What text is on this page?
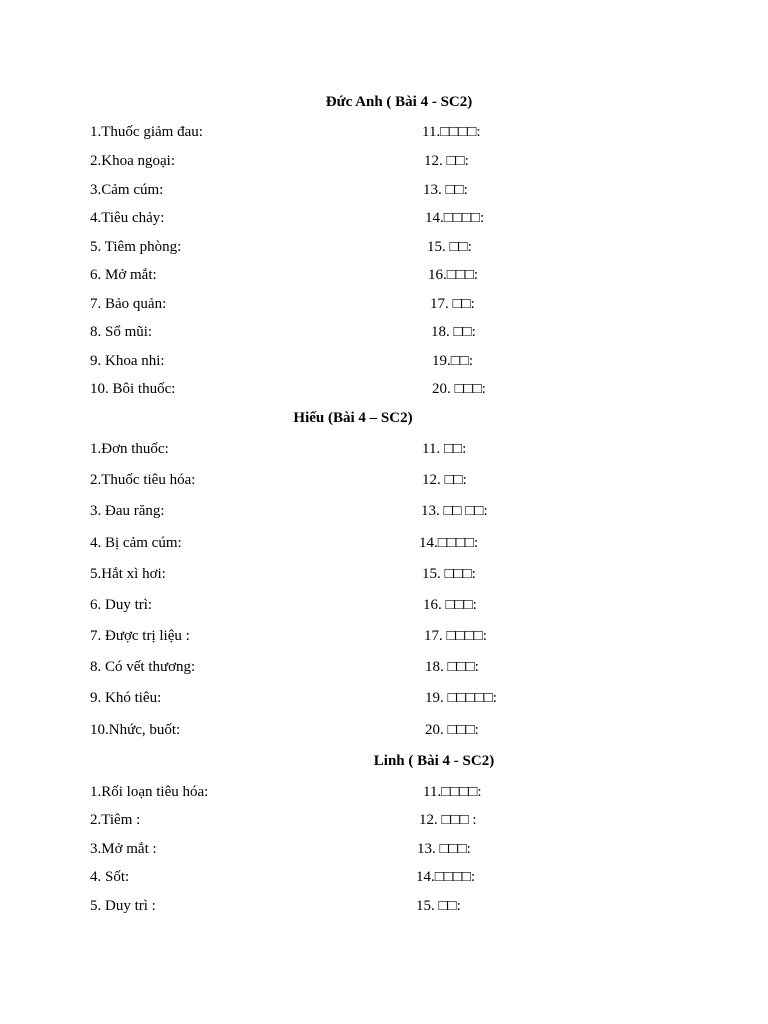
Đức Anh ( Bài 4 - SC2)
1.Thuốc giảm đau:
2.Khoa ngoại:
3.Cảm cúm:
4.Tiêu chảy:
5. Tiêm phòng:
6. Mở mắt:
7. Bảo quản:
8. Sổ mũi:
9. Khoa nhi:
10. Bôi thuốc:
11.□□□□:
12. □□:
13. □□:
14.□□□□:
15. □□:
16.□□□:
17. □□:
18. □□:
19.□□:
20. □□□:
Hiếu (Bài 4 – SC2)
1.Đơn thuốc:
2.Thuốc tiêu hóa:
3. Đau răng:
4. Bị cảm cúm:
5.Hắt xì hơi:
6. Duy trì:
7. Được trị liệu :
8. Có vết thương:
9. Khó tiêu:
10.Nhức, buốt:
11. □□:
12. □□:
13. □□ □□:
14.□□□□:
15. □□□:
16. □□□:
17. □□□□:
18. □□□:
19. □□□□□:
20. □□□:
Linh ( Bài 4 - SC2)
1.Rối loạn tiêu hóa:
2.Tiêm :
3.Mở mắt :
4. Sốt:
5. Duy trì :
11.□□□□:
12. □□□ :
13. □□□:
14.□□□□:
15. □□:
